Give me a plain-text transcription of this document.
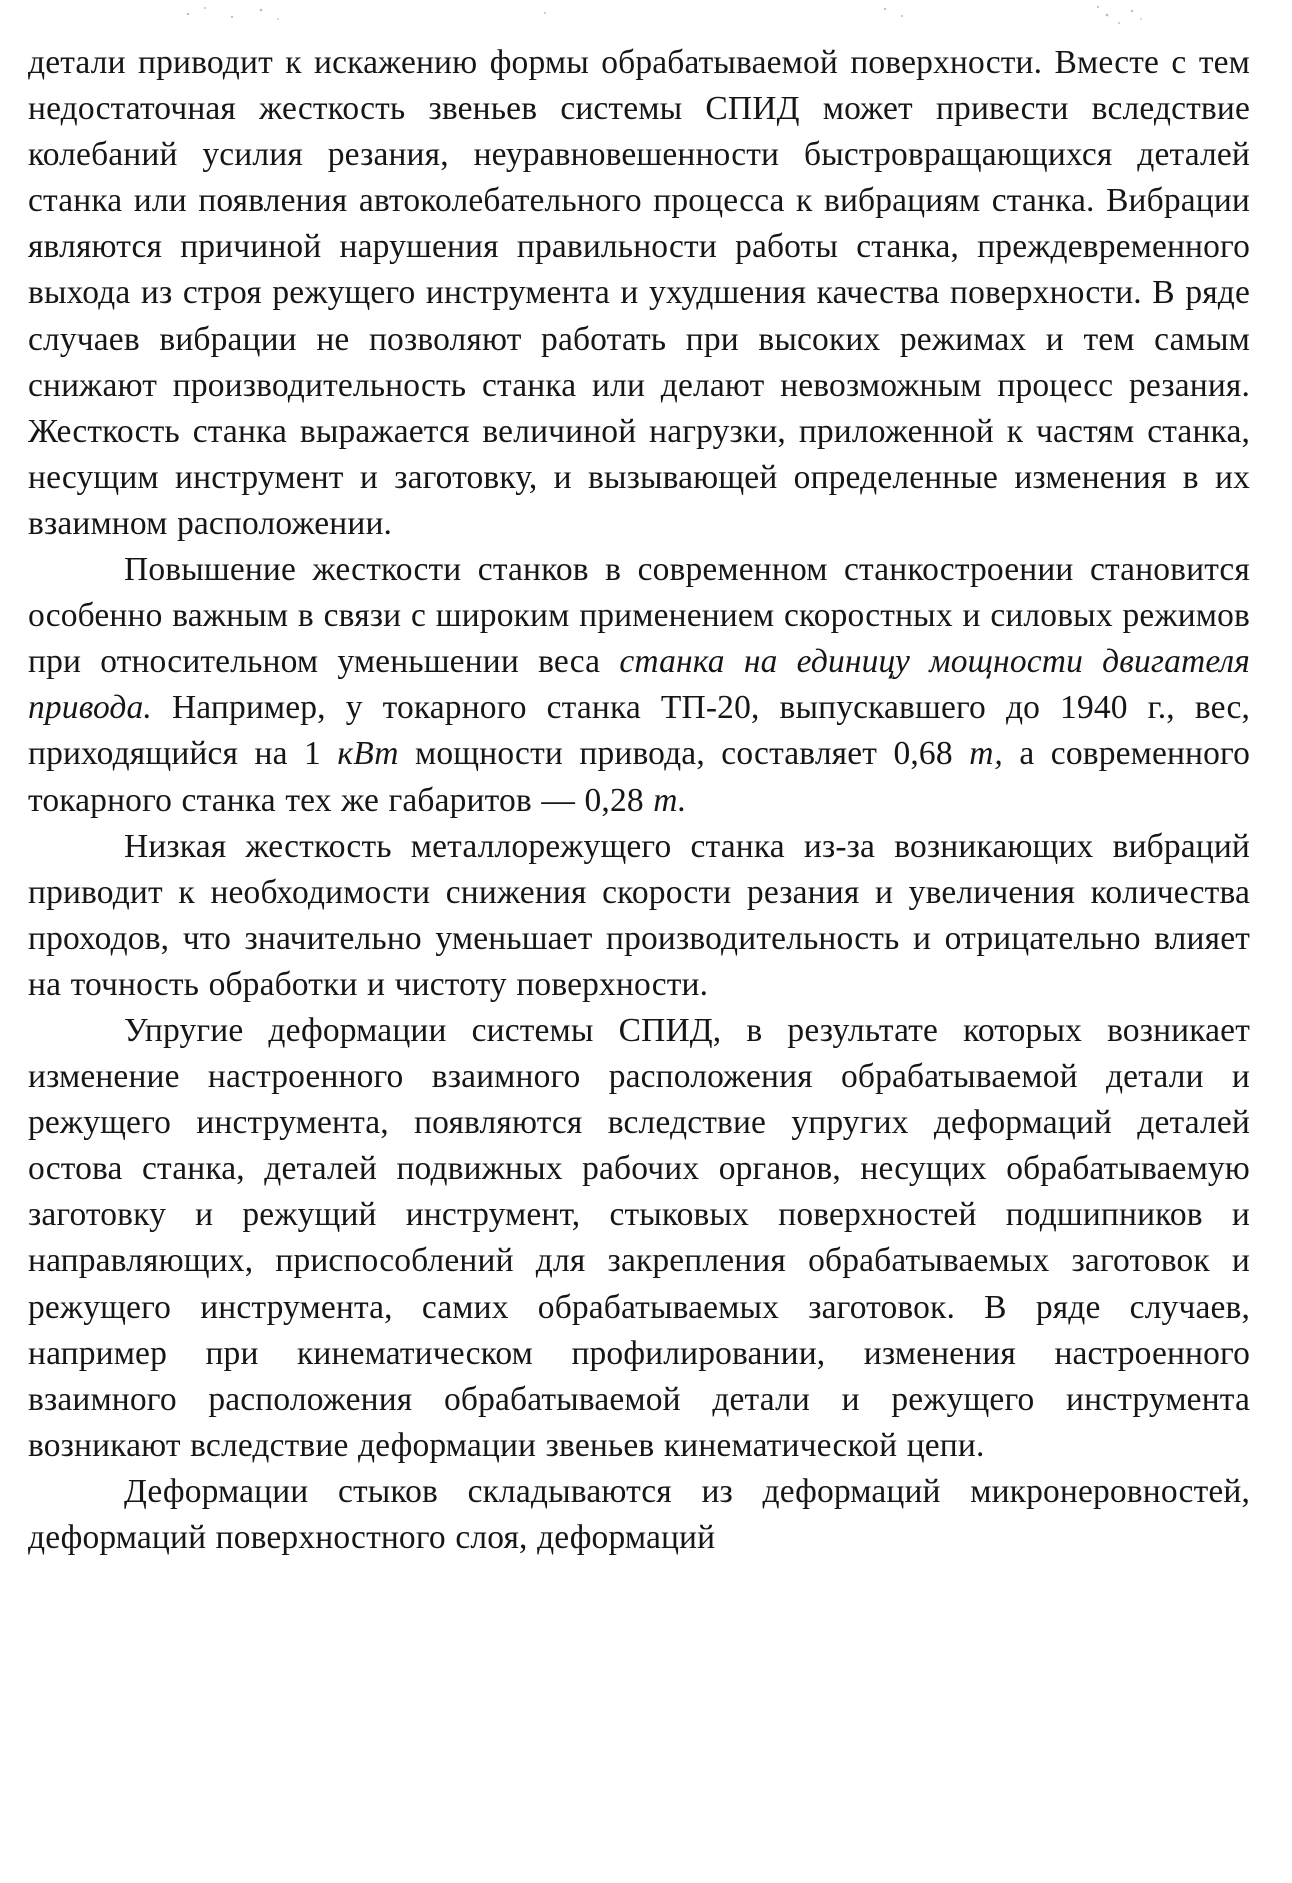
детали приводит к искажению формы обрабатываемой поверхности. Вместе с тем недостаточная жесткость звеньев системы СПИД может привести вследствие колебаний усилия резания, неуравновешенности быстровращающихся деталей станка или появления автоколебательного процесса к вибрациям станка. Вибрации являются причиной нарушения правильности работы станка, преждевременного выхода из строя режущего инструмента и ухудшения качества поверхности. В ряде случаев вибрации не позволяют работать при высоких режимах и тем самым снижают производительность станка или делают невозможным процесс резания. Жесткость станка выражается величиной нагрузки, приложенной к частям станка, несущим инструмент и заготовку, и вызывающей определенные изменения в их взаимном расположении.

Повышение жесткости станков в современном станкостроении становится особенно важным в связи с широким применением скоростных и силовых режимов при относительном уменьшении веса станка на единицу мощности двигателя привода. Например, у токарного станка ТП-20, выпускавшего до 1940 г., вес, приходящийся на 1 кВт мощности привода, составляет 0,68 т, а современного токарного станка тех же габаритов — 0,28 т.

Низкая жесткость металлорежущего станка из-за возникающих вибраций приводит к необходимости снижения скорости резания и увеличения количества проходов, что значительно уменьшает производительность и отрицательно влияет на точность обработки и чистоту поверхности.

Упругие деформации системы СПИД, в результате которых возникает изменение настроенного взаимного расположения обрабатываемой детали и режущего инструмента, появляются вследствие упругих деформаций деталей остова станка, деталей подвижных рабочих органов, несущих обрабатываемую заготовку и режущий инструмент, стыковых поверхностей подшипников и направляющих, приспособлений для закрепления обрабатываемых заготовок и режущего инструмента, самих обрабатываемых заготовок. В ряде случаев, например при кинематическом профилировании, изменения настроенного взаимного расположения обрабатываемой детали и режущего инструмента возникают вследствие деформации звеньев кинематической цепи.

Деформации стыков складываются из деформаций микронеровностей, деформаций поверхностного слоя, деформаций
